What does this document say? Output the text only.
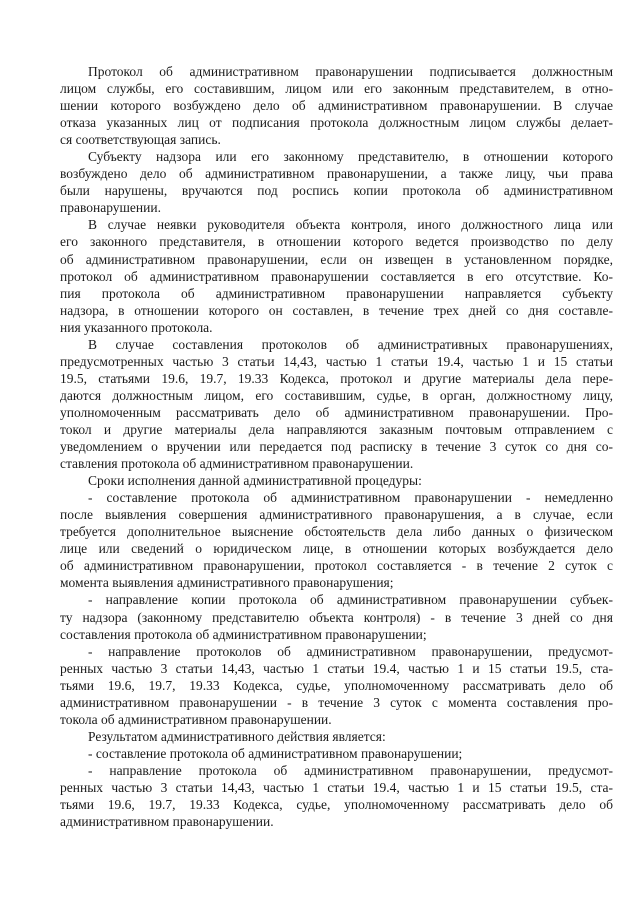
Протокол об административном правонарушении подписывается должностным
лицом службы, его составившим, лицом или его законным представителем, в отно-
шении которого возбуждено дело об административном правонарушении. В случае
отказа указанных лиц от подписания протокола должностным лицом службы делает-
ся соответствующая запись.
Субъекту надзора или его законному представителю, в отношении которого
возбуждено дело об административном правонарушении, а также лицу, чьи права
были нарушены, вручаются под роспись копии протокола об административном
правонарушении.
В случае неявки руководителя объекта контроля, иного должностного лица или
его законного представителя, в отношении которого ведется производство по делу
об административном правонарушении, если он извещен в установленном порядке,
протокол об административном правонарушении составляется в его отсутствие. Ко-
пия протокола об административном правонарушении направляется субъекту
надзора, в отношении которого он составлен, в течение трех дней со дня составле-
ния указанного протокола.
В случае составления протоколов об административных правонарушениях,
предусмотренных частью 3 статьи 14,43, частью 1 статьи 19.4, частью 1 и 15 статьи
19.5, статьями 19.6, 19.7, 19.33 Кодекса, протокол и другие материалы дела пере-
даются должностным лицом, его составившим, судье, в орган, должностному лицу,
уполномоченным рассматривать дело об административном правонарушении. Про-
токол и другие материалы дела направляются заказным почтовым отправлением с
уведомлением о вручении или передается под расписку в течение 3 суток со дня со-
ставления протокола об административном правонарушении.
Сроки исполнения данной административной процедуры:
- составление протокола об административном правонарушении - немедленно
после выявления совершения административного правонарушения, а в случае, если
требуется дополнительное выяснение обстоятельств дела либо данных о физическом
лице или сведений о юридическом лице, в отношении которых возбуждается дело
об административном правонарушении, протокол составляется - в течение 2 суток с
момента выявления административного правонарушения;
- направление копии протокола об административном правонарушении субъек-
ту надзора (законному представителю объекта контроля) - в течение 3 дней со дня
составления протокола об административном правонарушении;
- направление протоколов об административном правонарушении, предусмот-
ренных частью 3 статьи 14,43, частью 1 статьи 19.4, частью 1 и 15 статьи 19.5, ста-
тьями 19.6, 19.7, 19.33 Кодекса, судье, уполномоченному рассматривать дело об
административном правонарушении - в течение 3 суток с момента составления про-
токола об административном правонарушении.
Результатом административного действия является:
- составление протокола об административном правонарушении;
- направление протокола об административном правонарушении, предусмот-
ренных частью 3 статьи 14,43, частью 1 статьи 19.4, частью 1 и 15 статьи 19.5, ста-
тьями 19.6, 19.7, 19.33 Кодекса, судье, уполномоченному рассматривать дело об
административном правонарушении.
